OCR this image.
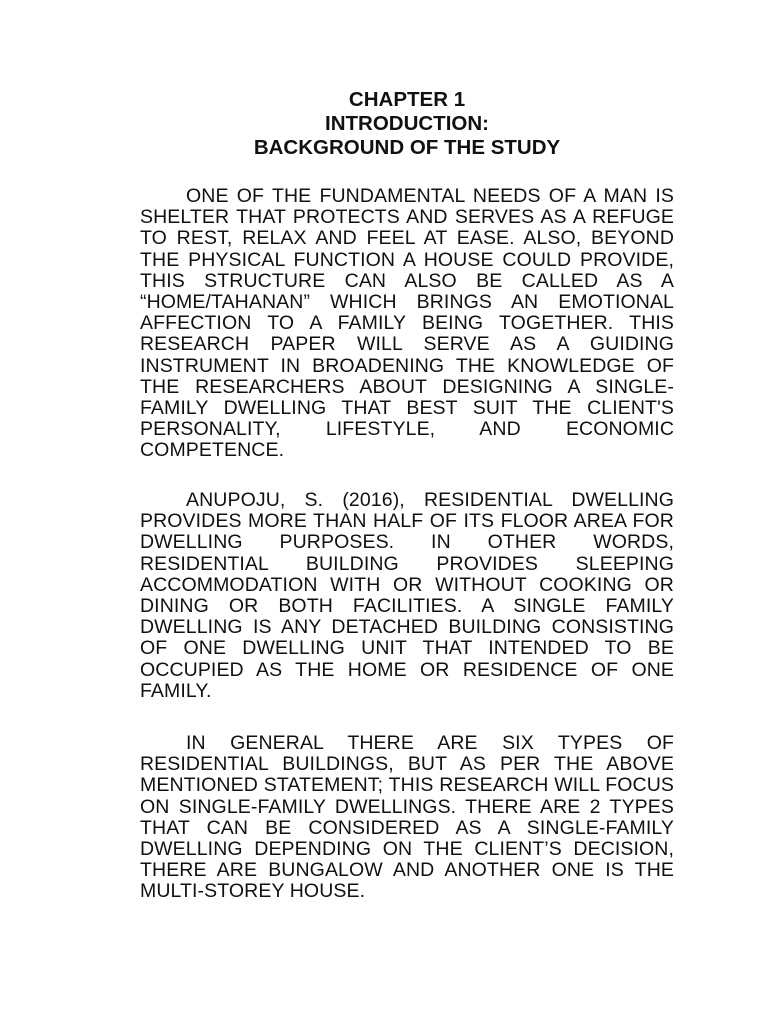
CHAPTER 1
INTRODUCTION:
BACKGROUND OF THE STUDY

ONE OF THE FUNDAMENTAL NEEDS OF A MAN IS SHELTER THAT PROTECTS AND SERVES AS A REFUGE TO REST, RELAX AND FEEL AT EASE. ALSO, BEYOND THE PHYSICAL FUNCTION A HOUSE COULD PROVIDE, THIS STRUCTURE CAN ALSO BE CALLED AS A “HOME/TAHANAN” WHICH BRINGS AN EMOTIONAL AFFECTION TO A FAMILY BEING TOGETHER. THIS RESEARCH PAPER WILL SERVE AS A GUIDING INSTRUMENT IN BROADENING THE KNOWLEDGE OF THE RESEARCHERS ABOUT DESIGNING A SINGLE-FAMILY DWELLING THAT BEST SUIT THE CLIENT'S PERSONALITY, LIFESTYLE, AND ECONOMIC COMPETENCE.

ANUPOJU, S. (2016), RESIDENTIAL DWELLING PROVIDES MORE THAN HALF OF ITS FLOOR AREA FOR DWELLING PURPOSES. IN OTHER WORDS, RESIDENTIAL BUILDING PROVIDES SLEEPING ACCOMMODATION WITH OR WITHOUT COOKING OR DINING OR BOTH FACILITIES. A SINGLE FAMILY DWELLING IS ANY DETACHED BUILDING CONSISTING OF ONE DWELLING UNIT THAT INTENDED TO BE OCCUPIED AS THE HOME OR RESIDENCE OF ONE FAMILY.

IN GENERAL THERE ARE SIX TYPES OF RESIDENTIAL BUILDINGS, BUT AS PER THE ABOVE MENTIONED STATEMENT; THIS RESEARCH WILL FOCUS ON SINGLE-FAMILY DWELLINGS. THERE ARE 2 TYPES THAT CAN BE CONSIDERED AS A SINGLE-FAMILY DWELLING DEPENDING ON THE CLIENT’S DECISION, THERE ARE BUNGALOW AND ANOTHER ONE IS THE MULTI-STOREY HOUSE.
